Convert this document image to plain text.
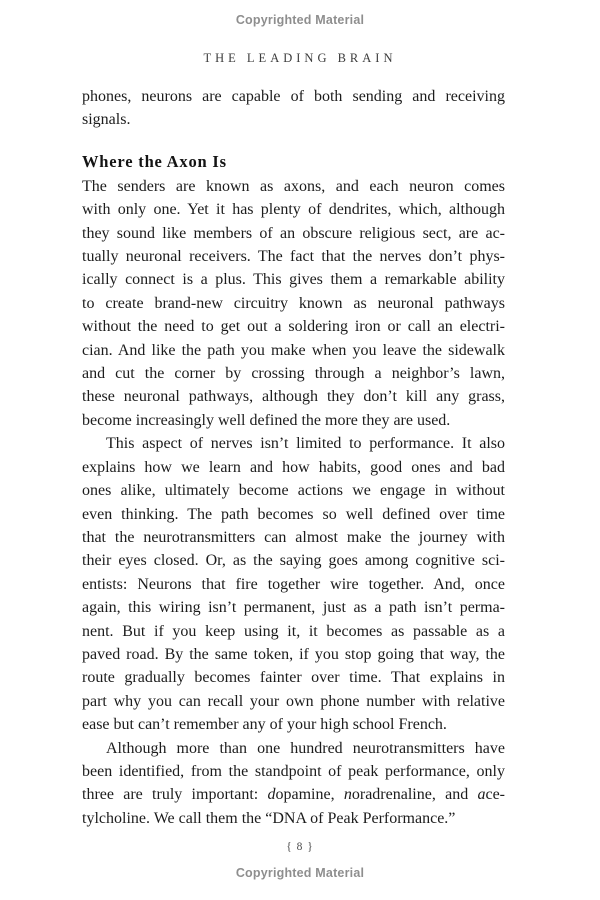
Copyrighted Material
THE LEADING BRAIN
phones, neurons are capable of both sending and receiving
signals.
Where the Axon Is
The senders are known as axons, and each neuron comes
with only one. Yet it has plenty of dendrites, which, although
they sound like members of an obscure religious sect, are ac-
tually neuronal receivers. The fact that the nerves don’t phys-
ically connect is a plus. This gives them a remarkable ability
to create brand-new circuitry known as neuronal pathways
without the need to get out a soldering iron or call an electri-
cian. And like the path you make when you leave the sidewalk
and cut the corner by crossing through a neighbor’s lawn,
these neuronal pathways, although they don’t kill any grass,
become increasingly well defined the more they are used.
This aspect of nerves isn’t limited to performance. It also
explains how we learn and how habits, good ones and bad
ones alike, ultimately become actions we engage in without
even thinking. The path becomes so well defined over time
that the neurotransmitters can almost make the journey with
their eyes closed. Or, as the saying goes among cognitive sci-
entists: Neurons that fire together wire together. And, once
again, this wiring isn’t permanent, just as a path isn’t perma-
nent. But if you keep using it, it becomes as passable as a
paved road. By the same token, if you stop going that way, the
route gradually becomes fainter over time. That explains in
part why you can recall your own phone number with relative
ease but can’t remember any of your high school French.
Although more than one hundred neurotransmitters have
been identified, from the standpoint of peak performance, only
three are truly important: dopamine, noradrenaline, and ace-
tylcholine. We call them the “DNA of Peak Performance.”
{ 8 }
Copyrighted Material
